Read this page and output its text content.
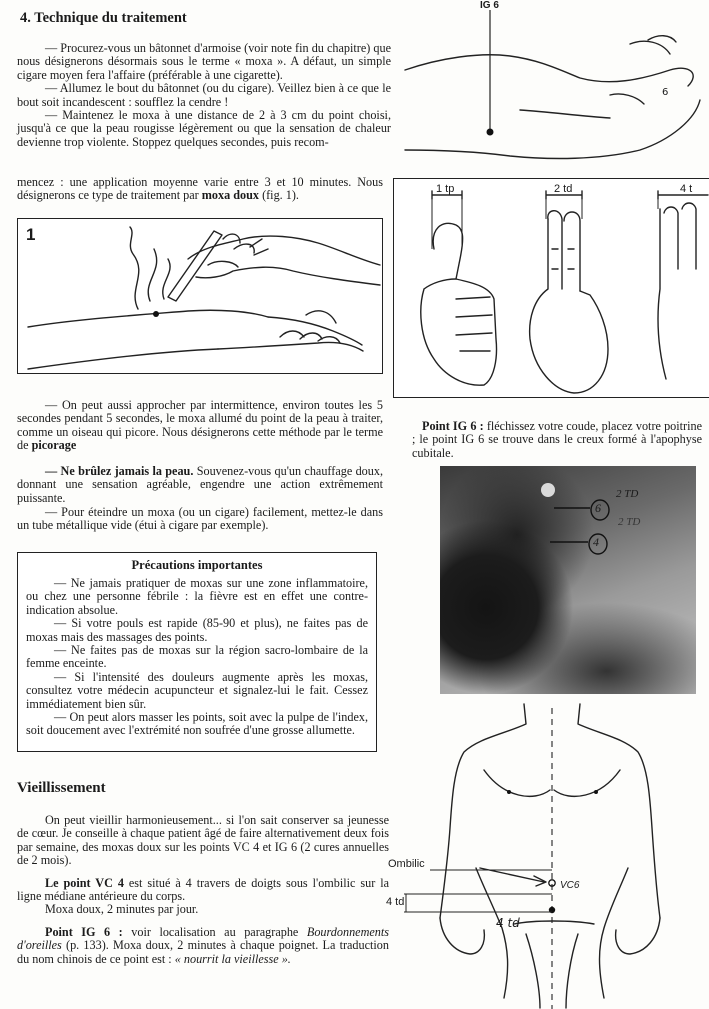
4. Technique du traitement

— Procurez-vous un bâtonnet d'armoise (voir note fin du chapitre) que nous désignerons désormais sous le terme « moxa ». A défaut, un simple cigare moyen fera l'affaire (préférable à une cigarette).

— Allumez le bout du bâtonnet (ou du cigare). Veillez bien à ce que le bout soit incandescent : soufflez la cendre !

— Maintenez le moxa à une distance de 2 à 3 cm du point choisi, jusqu'à ce que la peau rougisse légèrement ou que la sensation de chaleur devienne trop violente. Stoppez quelques secondes, puis recom-

mencez : une application moyenne varie entre 3 et 10 minutes. Nous désignerons ce type de traitement par moxa doux (fig. 1).

1

— On peut aussi approcher par intermittence, environ toutes les 5 secondes pendant 5 secondes, le moxa allumé du point de la peau à traiter, comme un oiseau qui picore. Nous désignerons cette méthode par le terme de picorage

— Ne brûlez jamais la peau. Souvenez-vous qu'un chauffage doux, donnant une sensation agréable, engendre une action extrêmement puissante.

— Pour éteindre un moxa (ou un cigare) facilement, mettez-le dans un tube métallique vide (étui à cigare par exemple).

Précautions importantes

— Ne jamais pratiquer de moxas sur une zone inflammatoire, ou chez une personne fébrile : la fièvre est en effet une contre-indication absolue.

— Si votre pouls est rapide (85-90 et plus), ne faites pas de moxas mais des massages des points.

— Ne faites pas de moxas sur la région sacro-lombaire de la femme enceinte.

— Si l'intensité des douleurs augmente après les moxas, consultez votre médecin acupuncteur et signalez-lui le fait. Cessez immédiatement bien sûr.

— On peut alors masser les points, soit avec la pulpe de l'index, soit doucement avec l'extrémité non soufrée d'une grosse allumette.

Vieillissement

On peut vieillir harmonieusement... si l'on sait conserver sa jeunesse de cœur. Je conseille à chaque patient âgé de faire alternativement deux fois par semaine, des moxas doux sur les points VC 4 et IG 6 (2 cures annuelles de 2 mois).

Le point VC 4 est situé à 4 travers de doigts sous l'ombilic sur la ligne médiane antérieure du corps.

Moxa doux, 2 minutes par jour.

Point IG 6 : voir localisation au paragraphe Bourdonnements d'oreilles (p. 133). Moxa doux, 2 minutes à chaque poignet. La traduction du nom chinois de ce point est : « nourrit la vieillesse ».

IG 6
6
1 tp	2 td	4 t

Point IG 6 : fléchissez votre coude, placez votre poitrine ; le point IG 6 se trouve dans le creux formé à l'apophyse cubitale.

6
4
2 TD
2 TD
Ombilic
VC6
4 td
4 td
